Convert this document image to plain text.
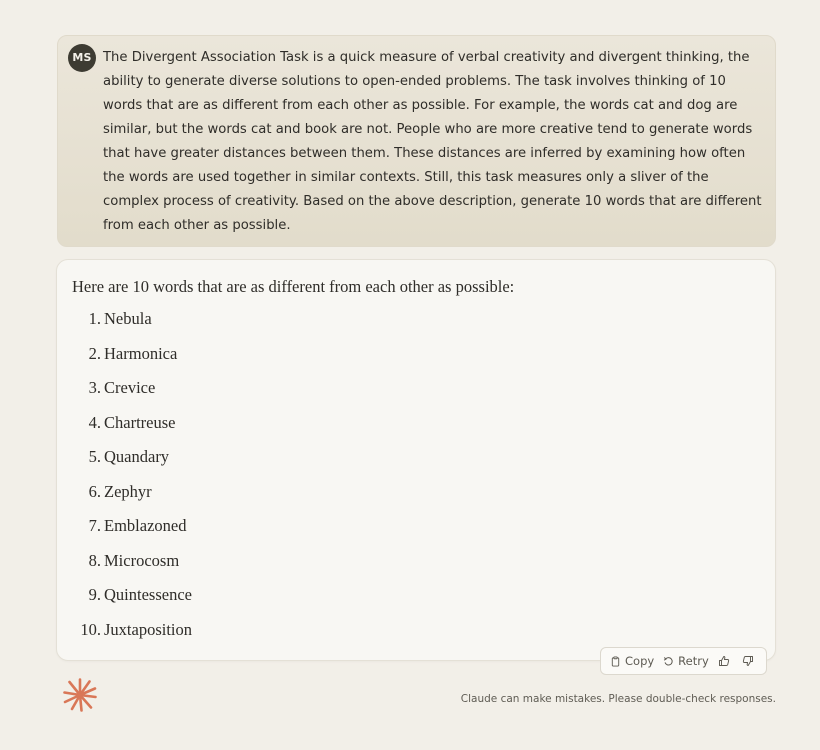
MS The Divergent Association Task is a quick measure of verbal creativity and divergent thinking, the ability to generate diverse solutions to open-ended problems. The task involves thinking of 10 words that are as different from each other as possible. For example, the words cat and dog are similar, but the words cat and book are not. People who are more creative tend to generate words that have greater distances between them. These distances are inferred by examining how often the words are used together in similar contexts. Still, this task measures only a sliver of the complex process of creativity. Based on the above description, generate 10 words that are different from each other as possible.

Here are 10 words that are as different from each other as possible:

1. Nebula
2. Harmonica
3. Crevice
4. Chartreuse
5. Quandary
6. Zephyr
7. Emblazoned
8. Microcosm
9. Quintessence
10. Juxtaposition
Copy Retry

Claude can make mistakes. Please double-check responses.
